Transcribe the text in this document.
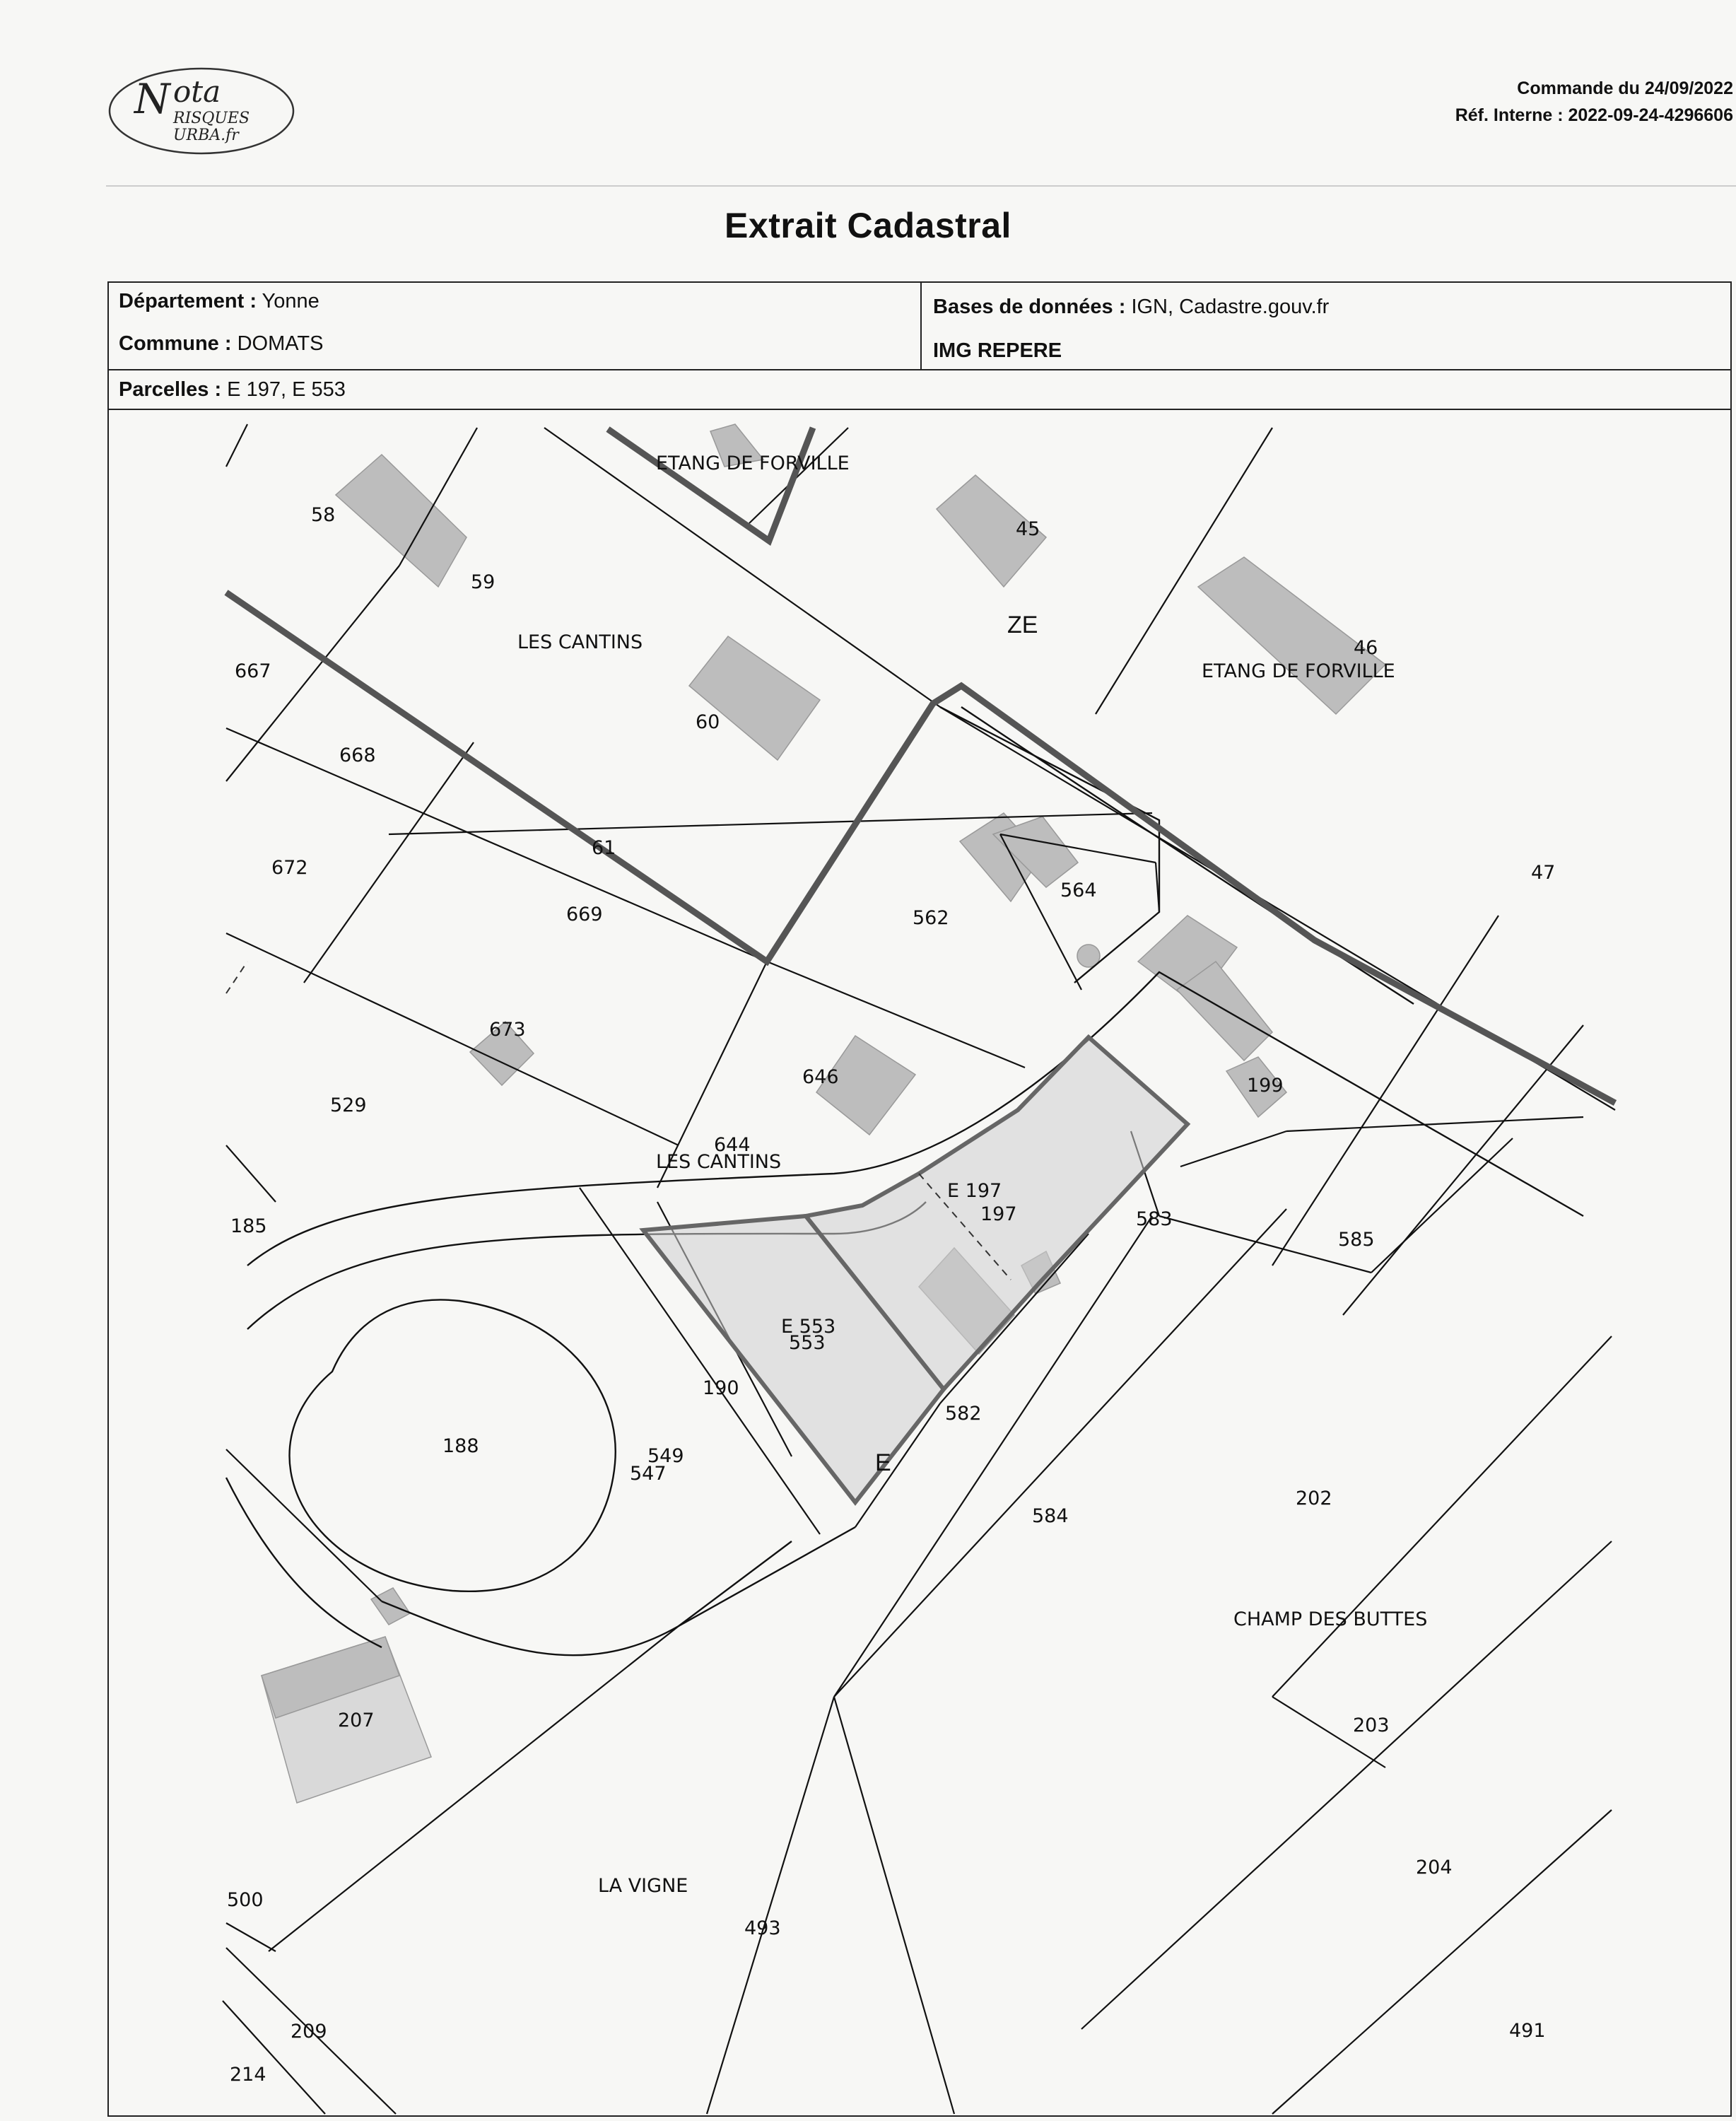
N ota
RISQUES
URBA.fr
Commande du 24/09/2022
Réf. Interne : 2022-09-24-4296606
Extrait Cadastral
Département : Yonne
Commune : DOMATS
Bases de données : IGN, Cadastre.gouv.fr
IMG REPERE
Parcelles : E 197, E 553
ZE
E
ETANG DE FORVILLE
ETANG DE FORVILLE
LES CANTINS
LES CANTINS
CHAMP DES BUTTES
LA VIGNE
E 197
197
E 553
553
58
59
45
46
47
60
61
667
668
669
672
673
562
564
646
644
529
199
185	583
585
190
582
188	549
547
584
202
207	203
204
500
493
209
214
491
